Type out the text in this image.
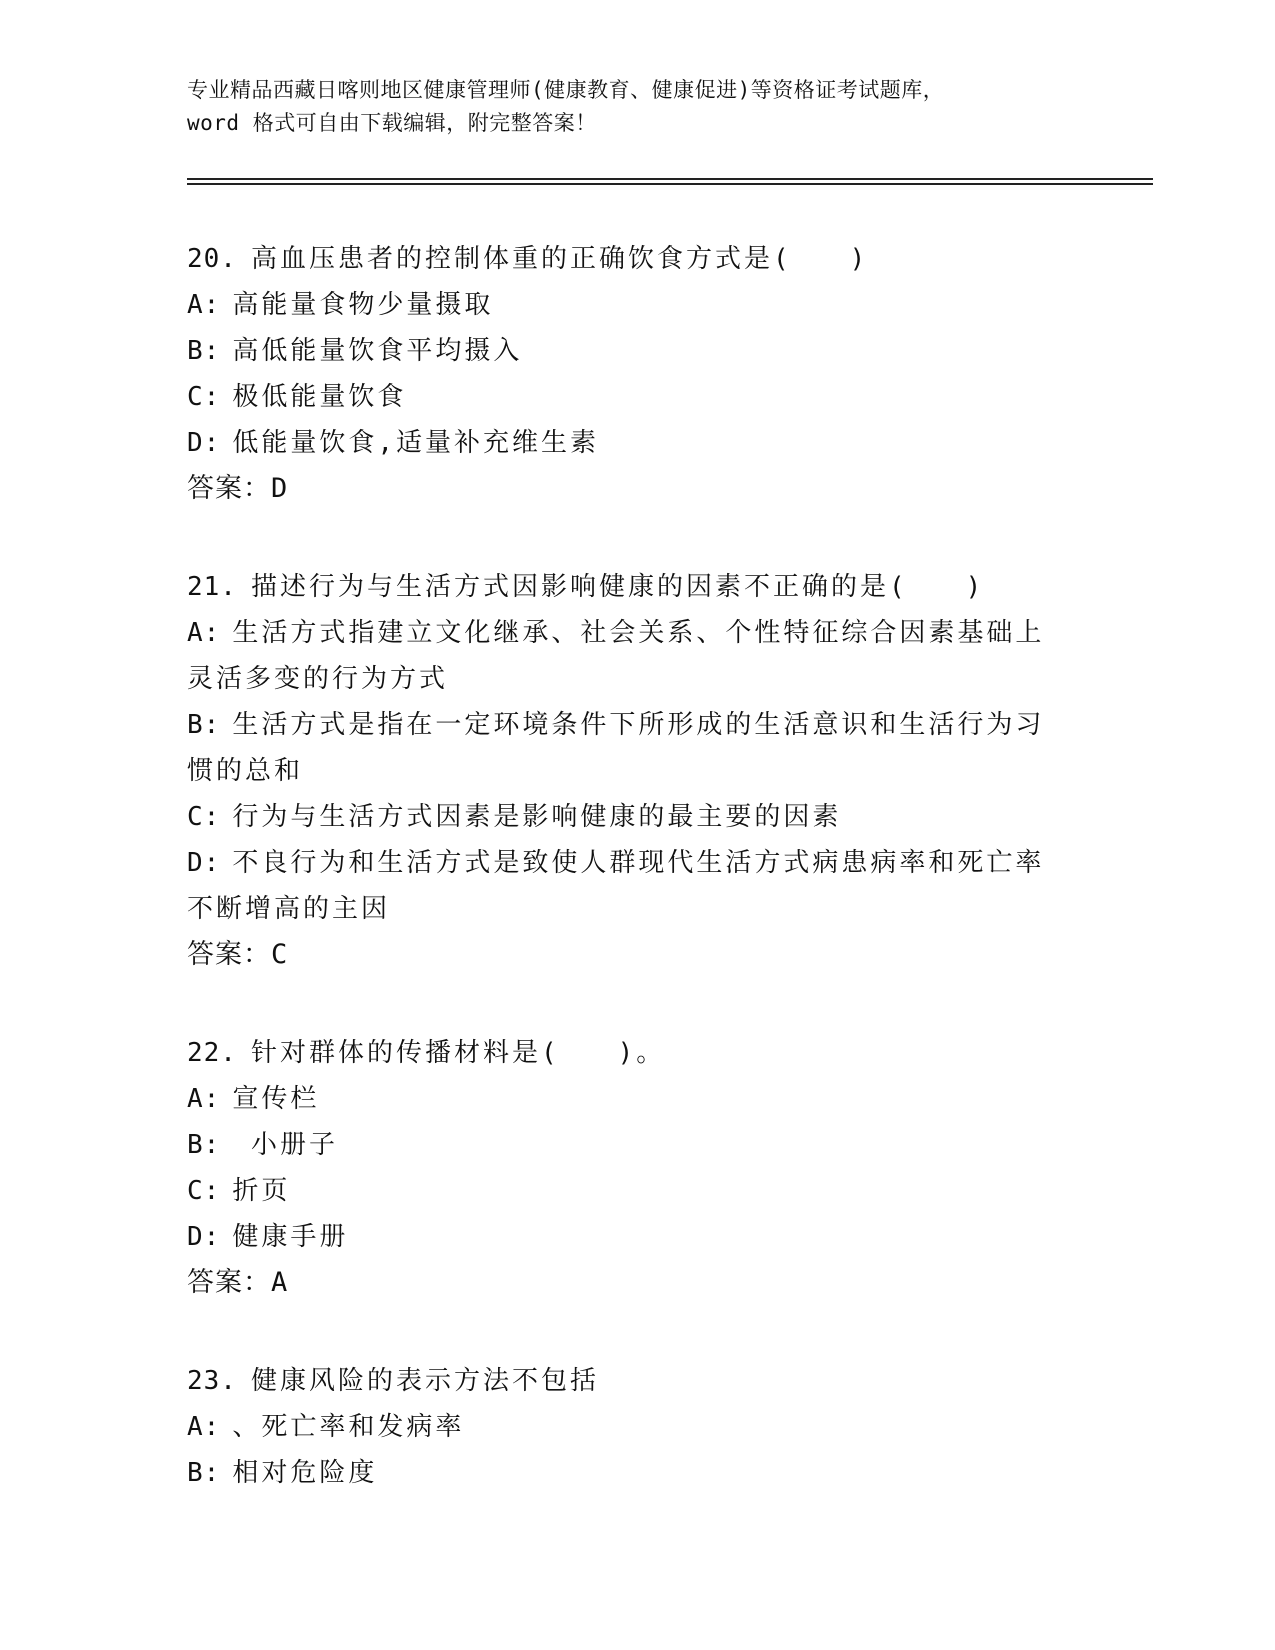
专业精品西藏日喀则地区健康管理师(健康教育、健康促进)等资格证考试题库，
word 格式可自由下载编辑，附完整答案！
20. 高血压患者的控制体重的正确饮食方式是(　　)
A: 高能量食物少量摄取
B: 高低能量饮食平均摄入
C: 极低能量饮食
D: 低能量饮食,适量补充维生素
答案：D
21. 描述行为与生活方式因影响健康的因素不正确的是(　　)
A: 生活方式指建立文化继承、社会关系、个性特征综合因素基础上灵活多变的行为方式
B: 生活方式是指在一定环境条件下所形成的生活意识和生活行为习惯的总和
C: 行为与生活方式因素是影响健康的最主要的因素
D: 不良行为和生活方式是致使人群现代生活方式病患病率和死亡率不断增高的主因
答案：C
22. 针对群体的传播材料是(　　)。
A: 宣传栏
B: 小册子
C: 折页
D: 健康手册
答案：A
23. 健康风险的表示方法不包括
A: 、死亡率和发病率
B: 相对危险度
